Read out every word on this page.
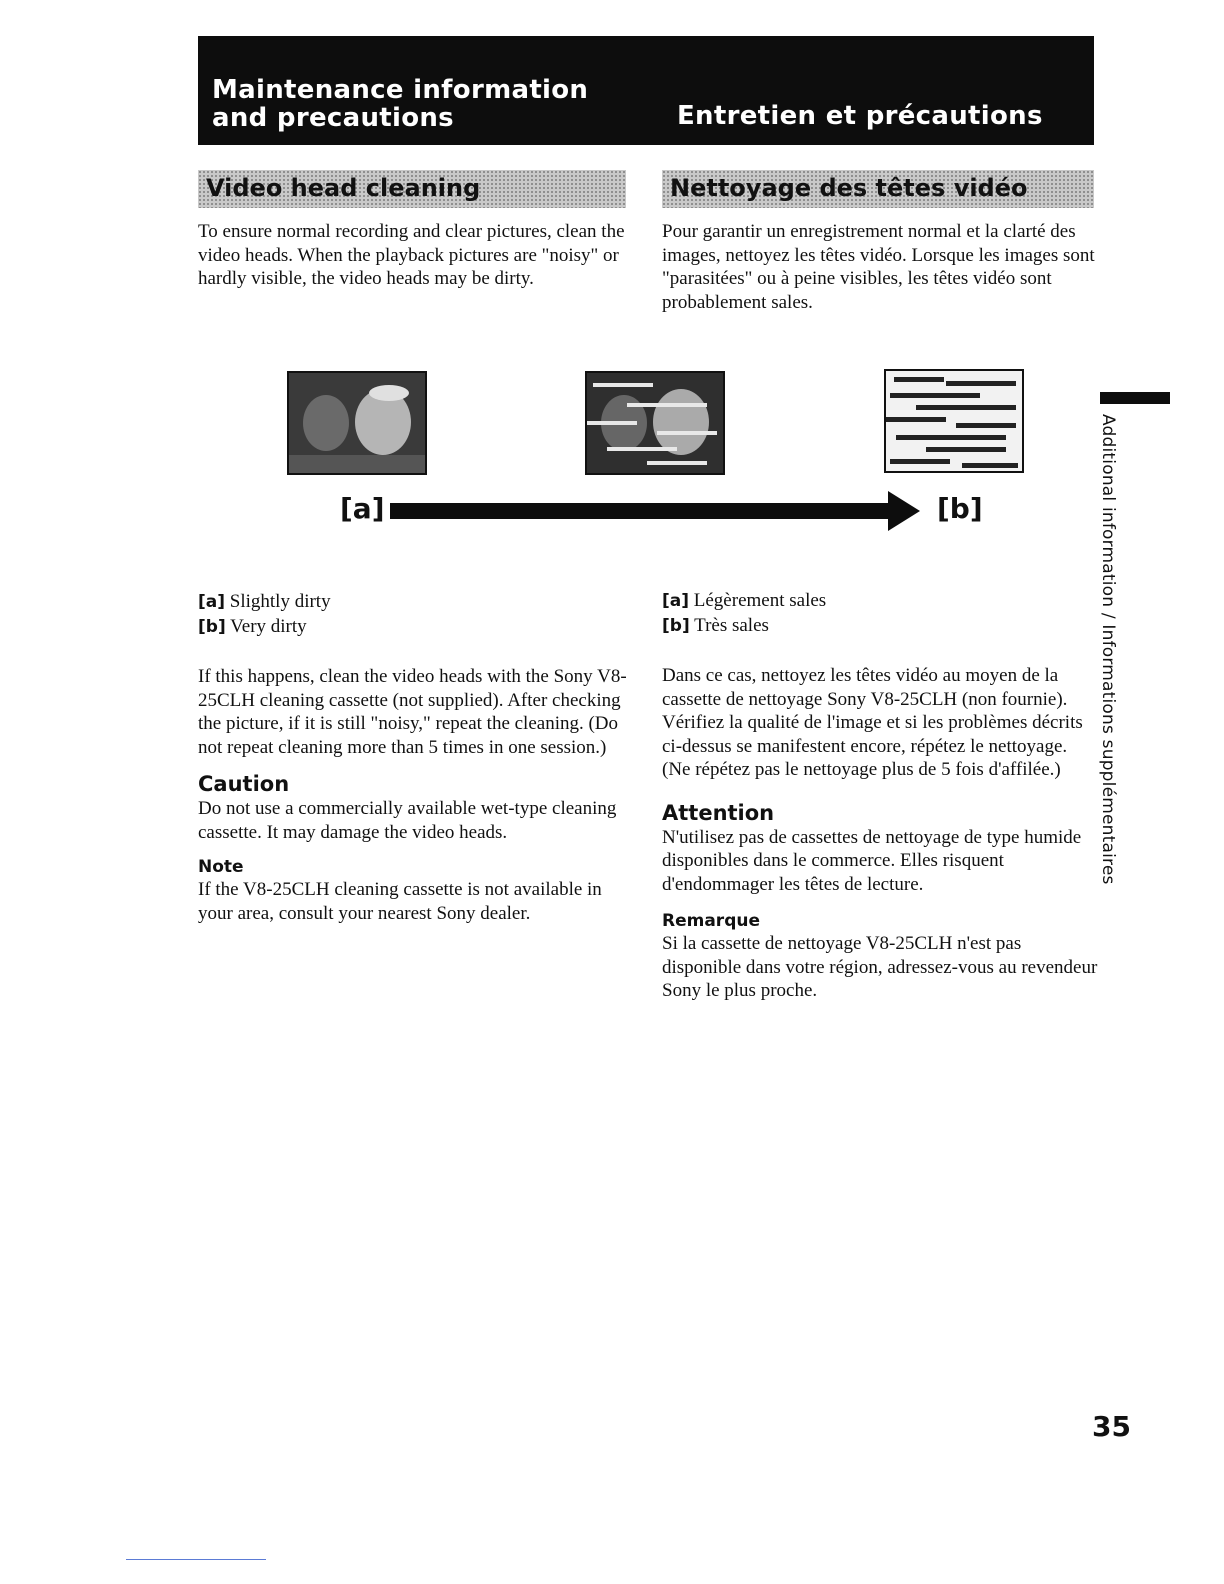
Maintenance information
and precautions	Entretien et précautions
Video head cleaning	Nettoyage des têtes vidéo

To ensure normal recording and clear pictures, clean the video heads. When the playback pictures are "noisy" or hardly visible, the video heads may be dirty.

Pour garantir un enregistrement normal et la clarté des images, nettoyez les têtes vidéo. Lorsque les images sont "parasitées" ou à peine visibles, les têtes vidéo sont probablement sales.

[a]	[b]

[a] Slightly dirty

[b] Very dirty

If this happens, clean the video heads with the Sony V8-25CLH cleaning cassette (not supplied). After checking the picture, if it is still "noisy," repeat the cleaning. (Do not repeat cleaning more than 5 times in one session.)

Caution

Do not use a commercially available wet-type cleaning cassette. It may damage the video heads.

Note

If the V8-25CLH cleaning cassette is not available in your area, consult your nearest Sony dealer.

[a] Légèrement sales

[b] Très sales

Dans ce cas, nettoyez les têtes vidéo au moyen de la cassette de nettoyage Sony V8-25CLH (non fournie). Vérifiez la qualité de l'image et si les problèmes décrits ci-dessus se manifestent encore, répétez le nettoyage. (Ne répétez pas le nettoyage plus de 5 fois d'affilée.)

Attention

N'utilisez pas de cassettes de nettoyage de type humide disponibles dans le commerce. Elles risquent d'endommager les têtes de lecture.

Remarque

Si la cassette de nettoyage V8-25CLH n'est pas disponible dans votre région, adressez-vous au revendeur Sony le plus proche.

Additional information / Informations supplémentaires
35
